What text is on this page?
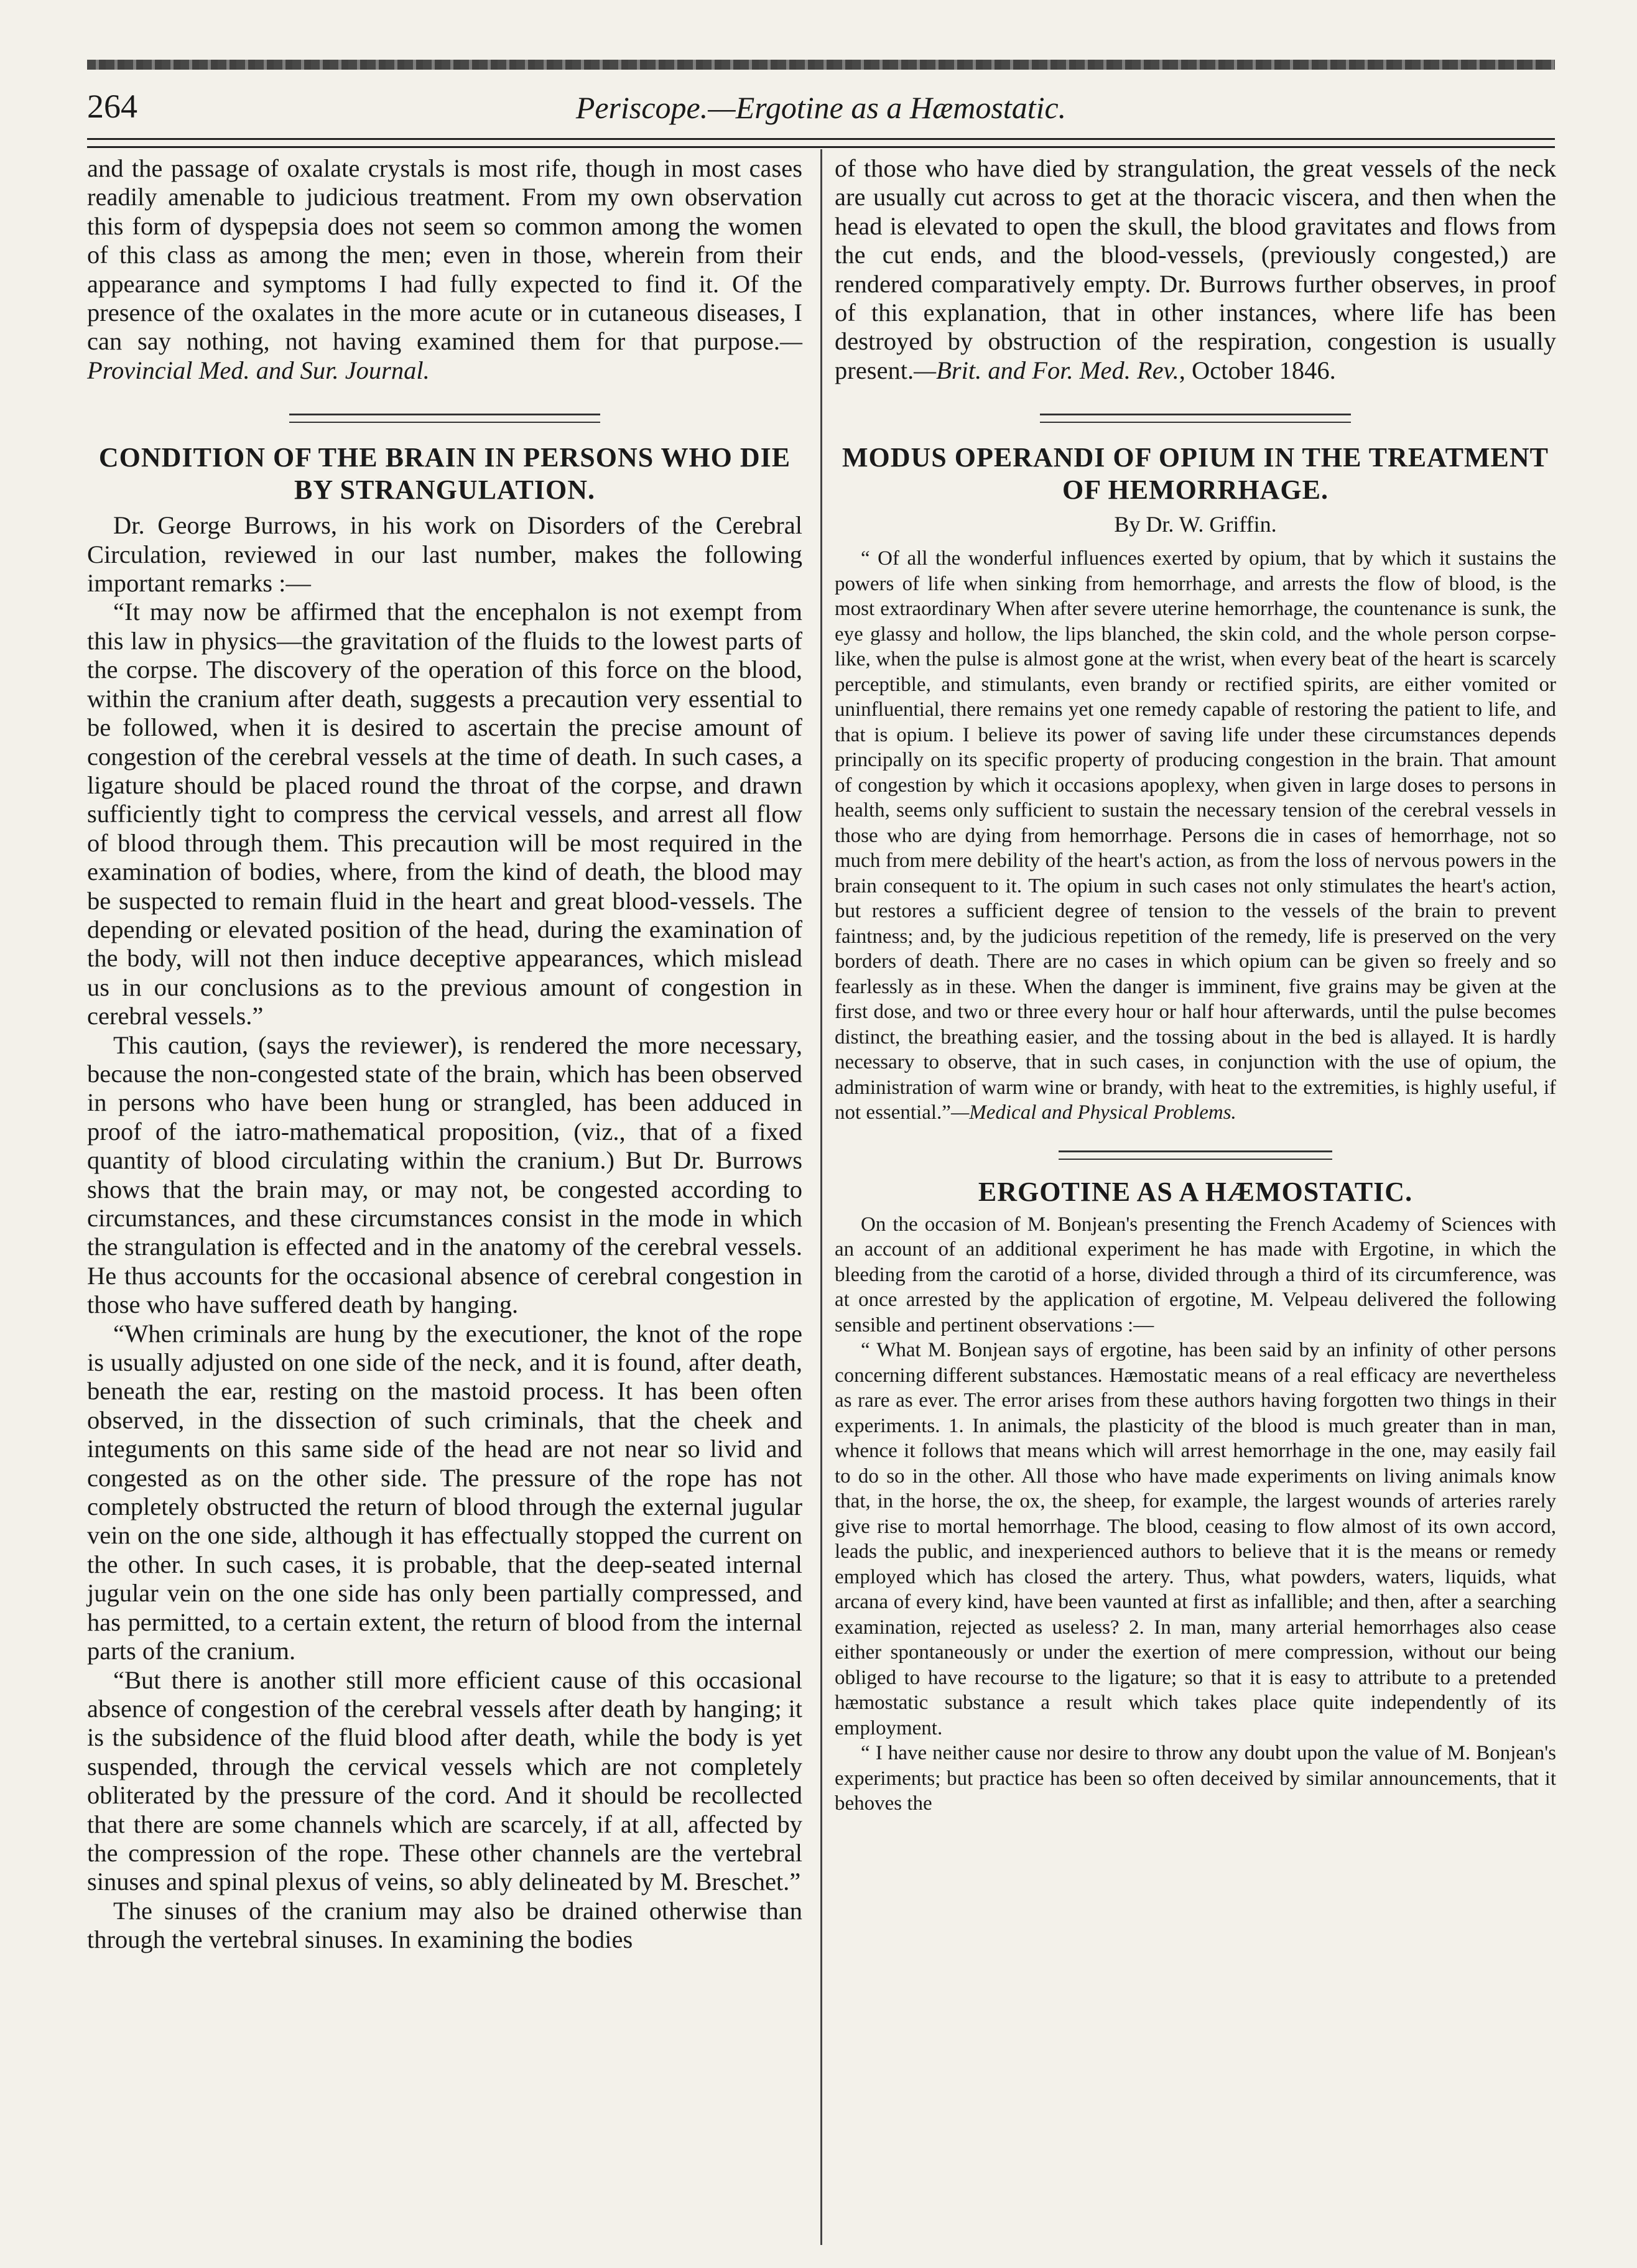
264	Periscope.—Ergotine as a Hæmostatic.

and the passage of oxalate crystals is most rife, though in most cases readily amenable to judicious treatment. From my own observation this form of dyspepsia does not seem so common among the women of this class as among the men; even in those, wherein from their appearance and symptoms I had fully expected to find it. Of the presence of the oxalates in the more acute or in cutaneous diseases, I can say nothing, not having examined them for that purpose.—Provincial Med. and Sur. Journal.

CONDITION OF THE BRAIN IN PERSONS WHO DIE BY STRANGULATION.

Dr. George Burrows, in his work on Disorders of the Cerebral Circulation, reviewed in our last number, makes the following important remarks :—

“It may now be affirmed that the encephalon is not exempt from this law in physics—the gravitation of the fluids to the lowest parts of the corpse. The discovery of the operation of this force on the blood, within the cranium after death, suggests a precaution very essential to be followed, when it is desired to ascertain the precise amount of congestion of the cerebral vessels at the time of death. In such cases, a ligature should be placed round the throat of the corpse, and drawn sufficiently tight to compress the cervical vessels, and arrest all flow of blood through them. This precaution will be most required in the examination of bodies, where, from the kind of death, the blood may be suspected to remain fluid in the heart and great blood-vessels. The depending or elevated position of the head, during the examination of the body, will not then induce deceptive appearances, which mislead us in our conclusions as to the previous amount of congestion in cerebral vessels.”

This caution, (says the reviewer), is rendered the more necessary, because the non-congested state of the brain, which has been observed in persons who have been hung or strangled, has been adduced in proof of the iatro-mathematical proposition, (viz., that of a fixed quantity of blood circulating within the cranium.) But Dr. Burrows shows that the brain may, or may not, be congested according to circumstances, and these circumstances consist in the mode in which the strangulation is effected and in the anatomy of the cerebral vessels. He thus accounts for the occasional absence of cerebral congestion in those who have suffered death by hanging.

“When criminals are hung by the executioner, the knot of the rope is usually adjusted on one side of the neck, and it is found, after death, beneath the ear, resting on the mastoid process. It has been often observed, in the dissection of such criminals, that the cheek and integuments on this same side of the head are not near so livid and congested as on the other side. The pressure of the rope has not completely obstructed the return of blood through the external jugular vein on the one side, although it has effectually stopped the current on the other. In such cases, it is probable, that the deep-seated internal jugular vein on the one side has only been partially compressed, and has permitted, to a certain extent, the return of blood from the internal parts of the cranium.

“But there is another still more efficient cause of this occasional absence of congestion of the cerebral vessels after death by hanging; it is the subsidence of the fluid blood after death, while the body is yet suspended, through the cervical vessels which are not completely obliterated by the pressure of the cord. And it should be recollected that there are some channels which are scarcely, if at all, affected by the compression of the rope. These other channels are the vertebral sinuses and spinal plexus of veins, so ably delineated by M. Breschet.”

The sinuses of the cranium may also be drained otherwise than through the vertebral sinuses. In examining the bodies

of those who have died by strangulation, the great vessels of the neck are usually cut across to get at the thoracic viscera, and then when the head is elevated to open the skull, the blood gravitates and flows from the cut ends, and the blood-vessels, (previously congested,) are rendered comparatively empty. Dr. Burrows further observes, in proof of this explanation, that in other instances, where life has been destroyed by obstruction of the respiration, congestion is usually present.—Brit. and For. Med. Rev., October 1846.

MODUS OPERANDI OF OPIUM IN THE TREATMENT OF HEMORRHAGE.
By Dr. W. Griffin.

“ Of all the wonderful influences exerted by opium, that by which it sustains the powers of life when sinking from hemorrhage, and arrests the flow of blood, is the most extraordinary When after severe uterine hemorrhage, the countenance is sunk, the eye glassy and hollow, the lips blanched, the skin cold, and the whole person corpse-like, when the pulse is almost gone at the wrist, when every beat of the heart is scarcely perceptible, and stimulants, even brandy or rectified spirits, are either vomited or uninfluential, there remains yet one remedy capable of restoring the patient to life, and that is opium. I believe its power of saving life under these circumstances depends principally on its specific property of producing congestion in the brain. That amount of congestion by which it occasions apoplexy, when given in large doses to persons in health, seems only sufficient to sustain the necessary tension of the cerebral vessels in those who are dying from hemorrhage. Persons die in cases of hemorrhage, not so much from mere debility of the heart's action, as from the loss of nervous powers in the brain consequent to it. The opium in such cases not only stimulates the heart's action, but restores a sufficient degree of tension to the vessels of the brain to prevent faintness; and, by the judicious repetition of the remedy, life is preserved on the very borders of death. There are no cases in which opium can be given so freely and so fearlessly as in these. When the danger is imminent, five grains may be given at the first dose, and two or three every hour or half hour afterwards, until the pulse becomes distinct, the breathing easier, and the tossing about in the bed is allayed. It is hardly necessary to observe, that in such cases, in conjunction with the use of opium, the administration of warm wine or brandy, with heat to the extremities, is highly useful, if not essential.”—Medical and Physical Problems.

ERGOTINE AS A HÆMOSTATIC.

On the occasion of M. Bonjean's presenting the French Academy of Sciences with an account of an additional experiment he has made with Ergotine, in which the bleeding from the carotid of a horse, divided through a third of its circumference, was at once arrested by the application of ergotine, M. Velpeau delivered the following sensible and pertinent observations :—

“ What M. Bonjean says of ergotine, has been said by an infinity of other persons concerning different substances. Hæmostatic means of a real efficacy are nevertheless as rare as ever. The error arises from these authors having forgotten two things in their experiments. 1. In animals, the plasticity of the blood is much greater than in man, whence it follows that means which will arrest hemorrhage in the one, may easily fail to do so in the other. All those who have made experiments on living animals know that, in the horse, the ox, the sheep, for example, the largest wounds of arteries rarely give rise to mortal hemorrhage. The blood, ceasing to flow almost of its own accord, leads the public, and inexperienced authors to believe that it is the means or remedy employed which has closed the artery. Thus, what powders, waters, liquids, what arcana of every kind, have been vaunted at first as infallible; and then, after a searching examination, rejected as useless? 2. In man, many arterial hemorrhages also cease either spontaneously or under the exertion of mere compression, without our being obliged to have recourse to the ligature; so that it is easy to attribute to a pretended hæmostatic substance a result which takes place quite independently of its employment.

“ I have neither cause nor desire to throw any doubt upon the value of M. Bonjean's experiments; but practice has been so often deceived by similar announcements, that it behoves the
